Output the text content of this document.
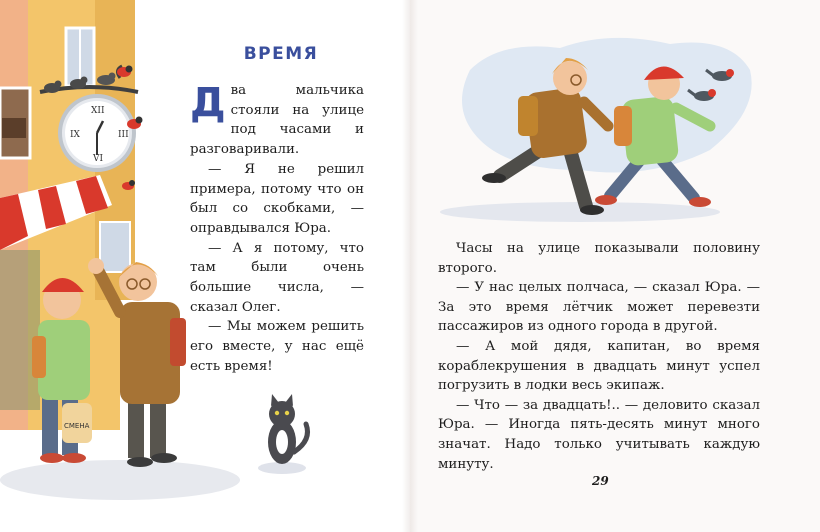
XII
IX	III
VI
СМЕНА
ВРЕМЯ

Два мальчика стояли на улице под часами и разговаривали.

— Я не решил примера, потому что он был со скобками, — оправдывался Юра.

— А я потому, что там были очень большие числа, — сказал Олег.

— Мы можем решить его вместе, у нас ещё есть время!

Часы на улице показывали половину второго.

— У нас целых полчаса, — сказал Юра. — За это время лётчик может перевезти пассажиров из одного города в другой.

— А мой дядя, капитан, во время кораблекрушения в двадцать минут успел погрузить в лодки весь экипаж.

— Что — за двадцать!.. — деловито сказал Юра. — Иногда пять-десять минут много значат. Надо только учитывать каждую минуту.

29
